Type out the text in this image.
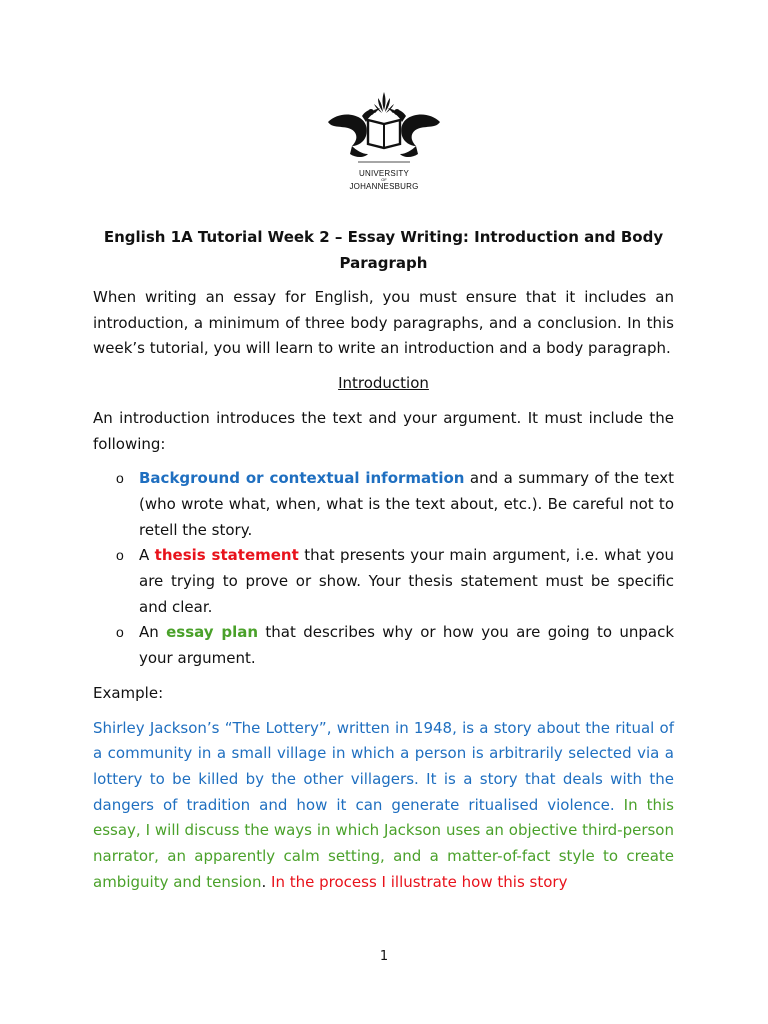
UNIVERSITY
OF
JOHANNESBURG
English 1A Tutorial Week 2 – Essay Writing: Introduction and Body Paragraph

When writing an essay for English, you must ensure that it includes an introduction, a minimum of three body paragraphs, and a conclusion. In this week’s tutorial, you will learn to write an introduction and a body paragraph.

Introduction

An introduction introduces the text and your argument. It must include the following:

o Background or contextual information and a summary of the text (who wrote what, when, what is the text about, etc.). Be careful not to retell the story.
o A thesis statement that presents your main argument, i.e. what you are trying to prove or show. Your thesis statement must be specific and clear.
o An essay plan that describes why or how you are going to unpack your argument.

Example:

Shirley Jackson’s “The Lottery”, written in 1948, is a story about the ritual of a community in a small village in which a person is arbitrarily selected via a lottery to be killed by the other villagers. It is a story that deals with the dangers of tradition and how it can generate ritualised violence. In this essay, I will discuss the ways in which Jackson uses an objective third-person narrator, an apparently calm setting, and a matter-of-fact style to create ambiguity and tension. In the process I illustrate how this story

1
